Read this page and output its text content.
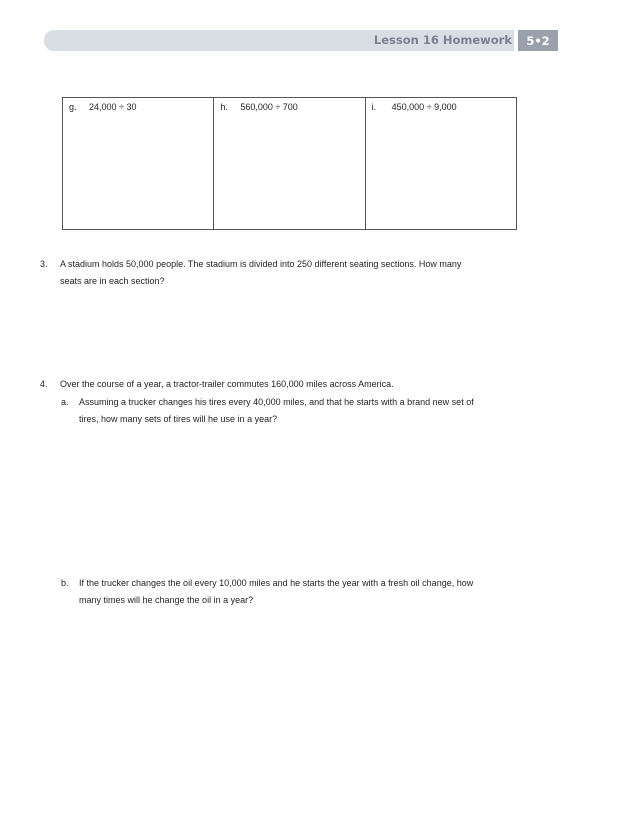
Lesson 16 Homework	5•2
g. 24,000 ÷ 30	h. 560,000 ÷ 700	i. 450,000 ÷ 9,000
3. A stadium holds 50,000 people. The stadium is divided into 250 different seating sections. How many
seats are in each section?
4. Over the course of a year, a tractor-trailer commutes 160,000 miles across America.
a. Assuming a trucker changes his tires every 40,000 miles, and that he starts with a brand new set of
tires, how many sets of tires will he use in a year?
b. If the trucker changes the oil every 10,000 miles and he starts the year with a fresh oil change, how
many times will he change the oil in a year?
